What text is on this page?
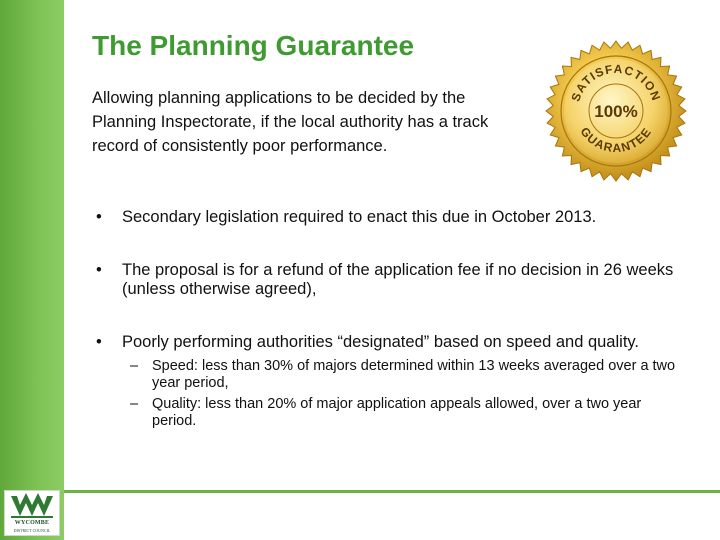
WYCOMBE
DISTRICT COUNCIL
The Planning Guarantee

Allowing planning applications to be decided by the Planning Inspectorate, if the local authority has a track record of consistently poor performance.

SATISFACTION
GUARANTEE
100%
• Secondary legislation required to enact this due in October 2013.
• The proposal is for a refund of the application fee if no decision in 26 weeks (unless otherwise agreed),
• Poorly performing authorities “designated” based on speed and quality.
– Speed: less than 30% of majors determined within 13 weeks averaged over a two year period,
– Quality: less than 20% of major application appeals allowed, over a two year period.
